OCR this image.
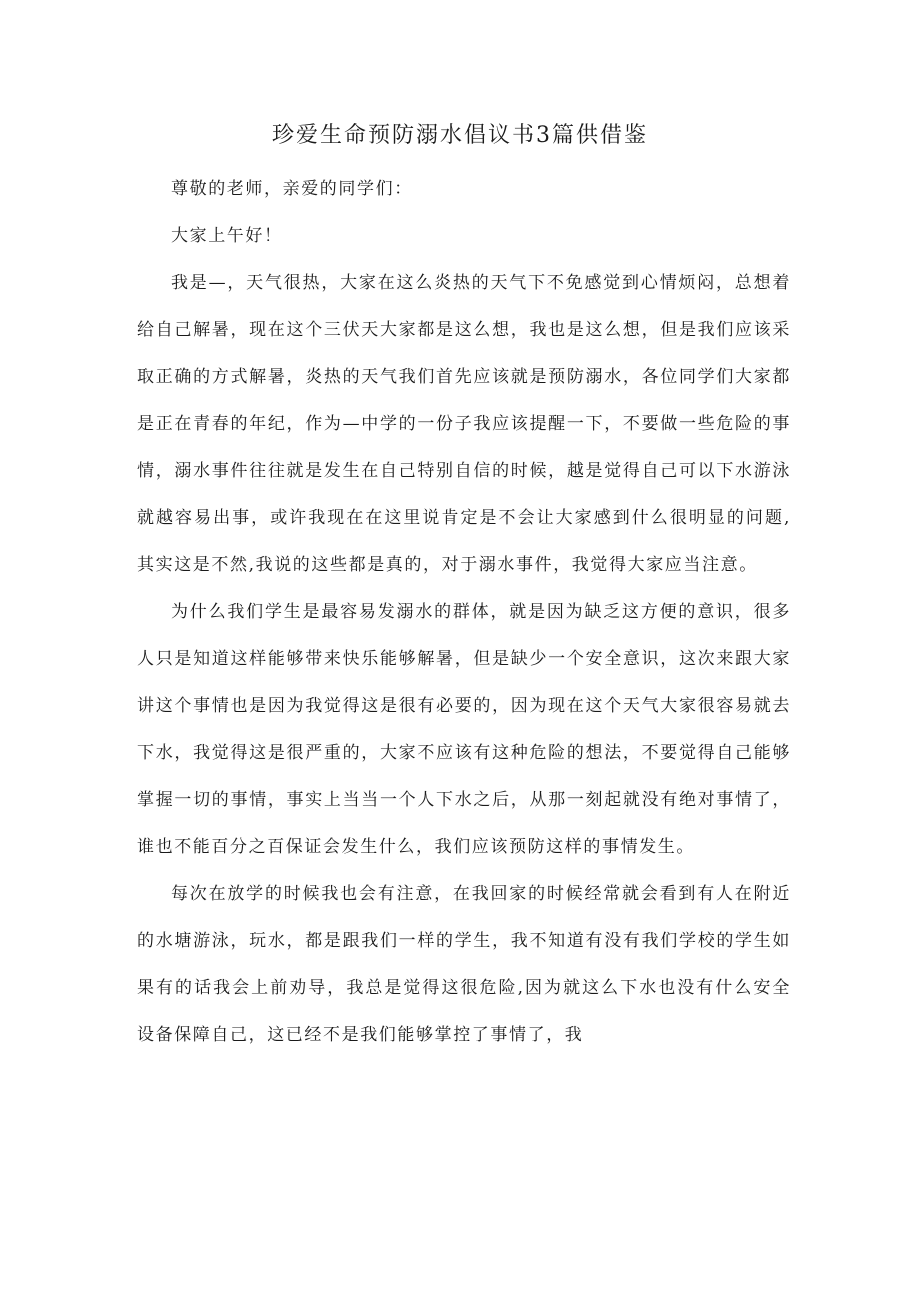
珍爱生命预防溺水倡议书3篇供借鉴

尊敬的老师，亲爱的同学们：

大家上午好！

我是—，天气很热，大家在这么炎热的天气下不免感觉到心情烦闷，总想着给自己解暑，现在这个三伏天大家都是这么想，我也是这么想，但是我们应该采取正确的方式解暑，炎热的天气我们首先应该就是预防溺水，各位同学们大家都是正在青春的年纪，作为—中学的一份子我应该提醒一下，不要做一些危险的事情，溺水事件往往就是发生在自己特别自信的时候，越是觉得自己可以下水游泳就越容易出事，或许我现在在这里说肯定是不会让大家感到什么很明显的问题,其实这是不然,我说的这些都是真的，对于溺水事件，我觉得大家应当注意。

为什么我们学生是最容易发溺水的群体，就是因为缺乏这方便的意识，很多人只是知道这样能够带来快乐能够解暑，但是缺少一个安全意识，这次来跟大家讲这个事情也是因为我觉得这是很有必要的，因为现在这个天气大家很容易就去下水，我觉得这是很严重的，大家不应该有这种危险的想法，不要觉得自己能够掌握一切的事情，事实上当当一个人下水之后，从那一刻起就没有绝对事情了，谁也不能百分之百保证会发生什么，我们应该预防这样的事情发生。

每次在放学的时候我也会有注意，在我回家的时候经常就会看到有人在附近的水塘游泳，玩水，都是跟我们一样的学生，我不知道有没有我们学校的学生如果有的话我会上前劝导，我总是觉得这很危险,因为就这么下水也没有什么安全设备保障自己，这已经不是我们能够掌控了事情了，我
